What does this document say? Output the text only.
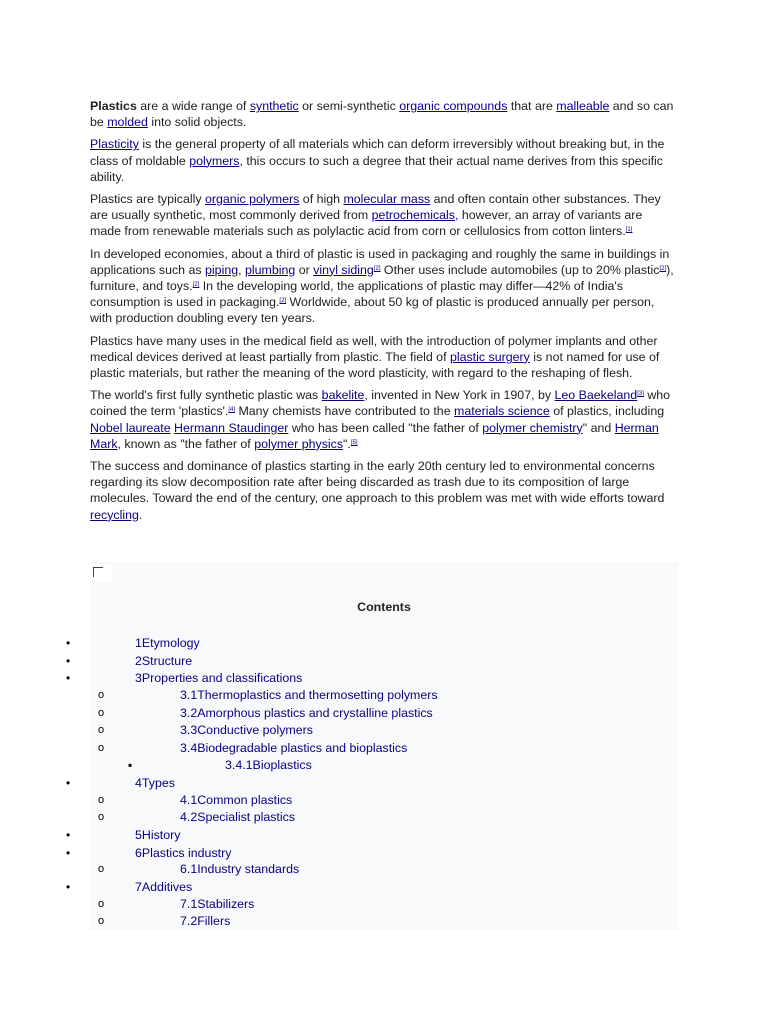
Plastics are a wide range of synthetic or semi-synthetic organic compounds that are malleable and so can be molded into solid objects.

Plasticity is the general property of all materials which can deform irreversibly without breaking but, in the class of moldable polymers, this occurs to such a degree that their actual name derives from this specific ability.

Plastics are typically organic polymers of high molecular mass and often contain other substances. They are usually synthetic, most commonly derived from petrochemicals, however, an array of variants are made from renewable materials such as polylactic acid from corn or cellulosics from cotton linters.[1]

In developed economies, about a third of plastic is used in packaging and roughly the same in buildings in applications such as piping, plumbing or vinyl siding[2] Other uses include automobiles (up to 20% plastic[2]), furniture, and toys.[2] In the developing world, the applications of plastic may differ—42% of India's consumption is used in packaging.[2] Worldwide, about 50 kg of plastic is produced annually per person, with production doubling every ten years.

Plastics have many uses in the medical field as well, with the introduction of polymer implants and other medical devices derived at least partially from plastic. The field of plastic surgery is not named for use of plastic materials, but rather the meaning of the word plasticity, with regard to the reshaping of flesh.

The world's first fully synthetic plastic was bakelite, invented in New York in 1907, by Leo Baekeland[3] who coined the term 'plastics'.[4] Many chemists have contributed to the materials science of plastics, including Nobel laureate Hermann Staudinger who has been called "the father of polymer chemistry" and Herman Mark, known as "the father of polymer physics".[5]

The success and dominance of plastics starting in the early 20th century led to environmental concerns regarding its slow decomposition rate after being discarded as trash due to its composition of large molecules. Toward the end of the century, one approach to this problem was met with wide efforts toward recycling.

Contents
•	1Etymology
•	2Structure
•	3Properties and classifications
o	3.1Thermoplastics and thermosetting polymers
o	3.2Amorphous plastics and crystalline plastics
o	3.3Conductive polymers
o	3.4Biodegradable plastics and bioplastics
▪	3.4.1Bioplastics
•	4Types
o	4.1Common plastics
o	4.2Specialist plastics
•	5History
•	6Plastics industry
o	6.1Industry standards
•	7Additives
o	7.1Stabilizers
o	7.2Fillers
